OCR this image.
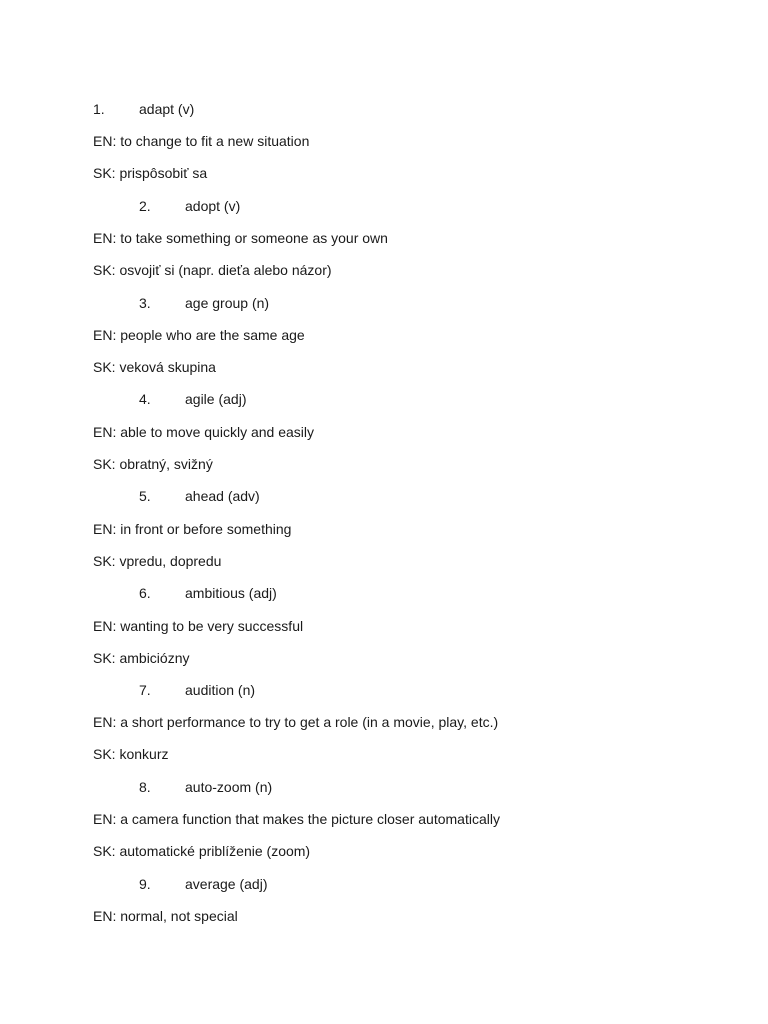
1. adapt (v)
EN: to change to fit a new situation
SK: prispôsobiť sa
2. adopt (v)
EN: to take something or someone as your own
SK: osvojiť si (napr. dieťa alebo názor)
3. age group (n)
EN: people who are the same age
SK: veková skupina
4. agile (adj)
EN: able to move quickly and easily
SK: obratný, svižný
5. ahead (adv)
EN: in front or before something
SK: vpredu, dopredu
6. ambitious (adj)
EN: wanting to be very successful
SK: ambiciózny
7. audition (n)
EN: a short performance to try to get a role (in a movie, play, etc.)
SK: konkurz
8. auto-zoom (n)
EN: a camera function that makes the picture closer automatically
SK: automatické priblíženie (zoom)
9. average (adj)
EN: normal, not special
